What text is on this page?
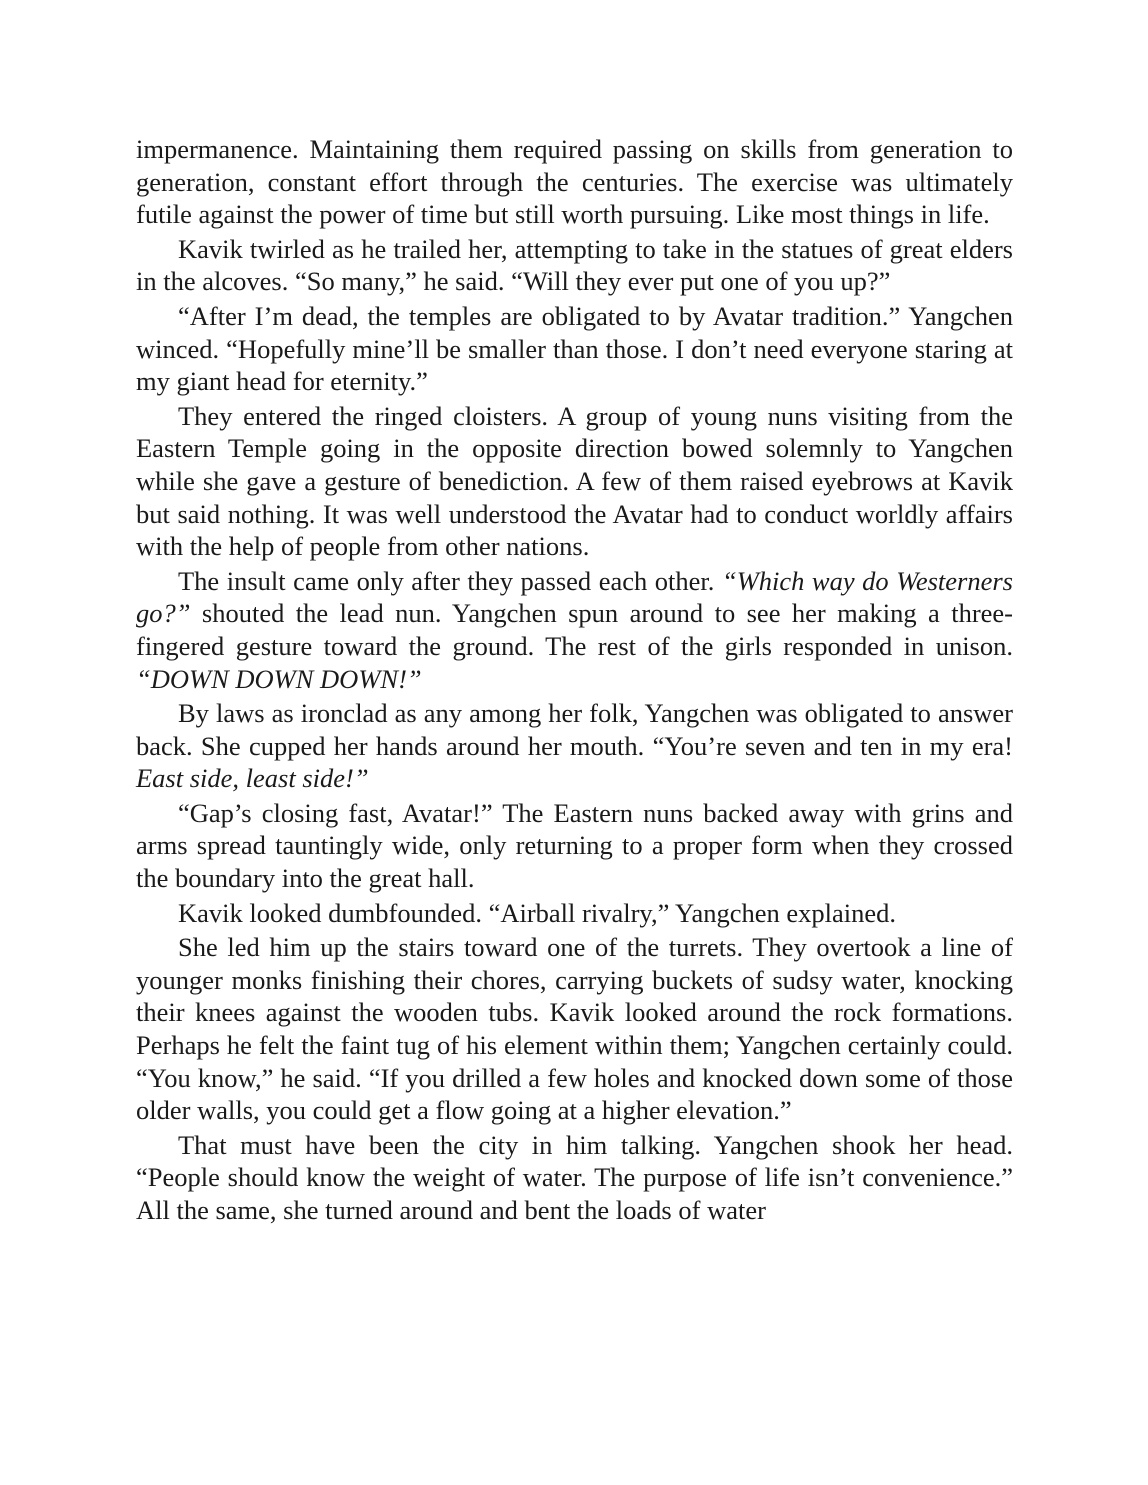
impermanence. Maintaining them required passing on skills from generation to generation, constant effort through the centuries. The exercise was ultimately futile against the power of time but still worth pursuing. Like most things in life.

Kavik twirled as he trailed her, attempting to take in the statues of great elders in the alcoves. “So many,” he said. “Will they ever put one of you up?”

“After I’m dead, the temples are obligated to by Avatar tradition.” Yangchen winced. “Hopefully mine’ll be smaller than those. I don’t need everyone staring at my giant head for eternity.”

They entered the ringed cloisters. A group of young nuns visiting from the Eastern Temple going in the opposite direction bowed solemnly to Yangchen while she gave a gesture of benediction. A few of them raised eyebrows at Kavik but said nothing. It was well understood the Avatar had to conduct worldly affairs with the help of people from other nations.

The insult came only after they passed each other. “Which way do Westerners go?” shouted the lead nun. Yangchen spun around to see her making a three-fingered gesture toward the ground. The rest of the girls responded in unison. “DOWN DOWN DOWN!”

By laws as ironclad as any among her folk, Yangchen was obligated to answer back. She cupped her hands around her mouth. “You’re seven and ten in my era! East side, least side!”

“Gap’s closing fast, Avatar!” The Eastern nuns backed away with grins and arms spread tauntingly wide, only returning to a proper form when they crossed the boundary into the great hall.

Kavik looked dumbfounded. “Airball rivalry,” Yangchen explained.

She led him up the stairs toward one of the turrets. They overtook a line of younger monks finishing their chores, carrying buckets of sudsy water, knocking their knees against the wooden tubs. Kavik looked around the rock formations. Perhaps he felt the faint tug of his element within them; Yangchen certainly could. “You know,” he said. “If you drilled a few holes and knocked down some of those older walls, you could get a flow going at a higher elevation.”

That must have been the city in him talking. Yangchen shook her head. “People should know the weight of water. The purpose of life isn’t convenience.” All the same, she turned around and bent the loads of water
